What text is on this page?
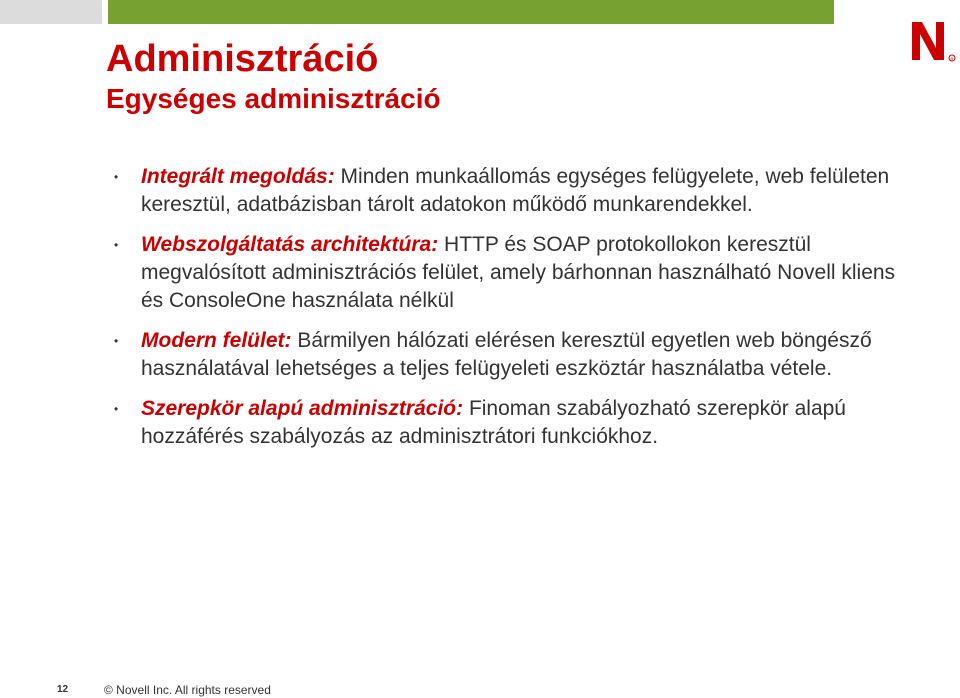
R
Adminisztráció
Egységes adminisztráció
• Integrált megoldás: Minden munkaállomás egységes felügyelete, web felületen keresztül, adatbázisban tárolt adatokon működő munkarendekkel.
• Webszolgáltatás architektúra: HTTP és SOAP protokollokon keresztül megvalósított adminisztrációs felület, amely bárhonnan használható Novell kliens és ConsoleOne használata nélkül
• Modern felület: Bármilyen hálózati elérésen keresztül egyetlen web böngésző használatával lehetséges a teljes felügyeleti eszköztár használatba vétele.
• Szerepkör alapú adminisztráció: Finoman szabályozható szerepkör alapú hozzáférés szabályozás az adminisztrátori funkciókhoz.
12	© Novell Inc. All rights reserved
